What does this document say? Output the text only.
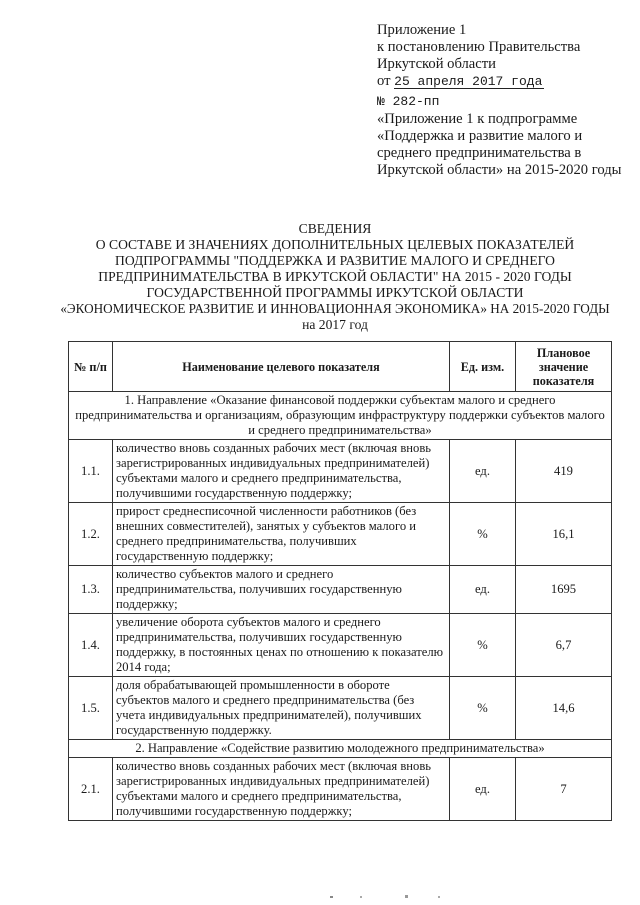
Приложение 1
к постановлению Правительства
Иркутской области
от 25 апреля 2017 года
№ 282-пп
«Приложение 1 к подпрограмме «Поддержка и развитие малого и среднего предпринимательства в Иркутской области» на 2015-2020 годы
СВЕДЕНИЯ
О СОСТАВЕ И ЗНАЧЕНИЯХ ДОПОЛНИТЕЛЬНЫХ ЦЕЛЕВЫХ ПОКАЗАТЕЛЕЙ
ПОДПРОГРАММЫ "ПОДДЕРЖКА И РАЗВИТИЕ МАЛОГО И СРЕДНЕГО
ПРЕДПРИНИМАТЕЛЬСТВА В ИРКУТСКОЙ ОБЛАСТИ" НА 2015 - 2020 ГОДЫ
ГОСУДАРСТВЕННОЙ ПРОГРАММЫ ИРКУТСКОЙ ОБЛАСТИ
«ЭКОНОМИЧЕСКОЕ РАЗВИТИЕ И ИННОВАЦИОННАЯ ЭКОНОМИКА» НА 2015-2020 ГОДЫ
на 2017 год
№ п/п	Наименование целевого показателя	Ед. изм.	Плановое значение показателя
1. Направление «Оказание финансовой поддержки субъектам малого и среднего предпринимательства и организациям, образующим инфраструктуру поддержки субъектов малого и среднего предпринимательства»			
1.1.	количество вновь созданных рабочих мест (включая вновь зарегистрированных индивидуальных предпринимателей) субъектами малого и среднего предпринимательства, получившими государственную поддержку;	ед.	419
1.2.	прирост среднесписочной численности работников (без внешних совместителей), занятых у субъектов малого и среднего предпринимательства, получивших государственную поддержку;	%	16,1
1.3.	количество субъектов малого и среднего предпринимательства, получивших государственную поддержку;	ед.	1695
1.4.	увеличение оборота субъектов малого и среднего предпринимательства, получивших государственную поддержку, в постоянных ценах по отношению к показателю 2014 года;	%	6,7
1.5.	доля обрабатывающей промышленности в обороте субъектов малого и среднего предпринимательства (без учета индивидуальных предпринимателей), получивших государственную поддержку.	%	14,6
2. Направление «Содействие развитию молодежного предпринимательства»			
2.1.	количество вновь созданных рабочих мест (включая вновь зарегистрированных индивидуальных предпринимателей) субъектами малого и среднего предпринимательства, получившими государственную поддержку;	ед.	7
